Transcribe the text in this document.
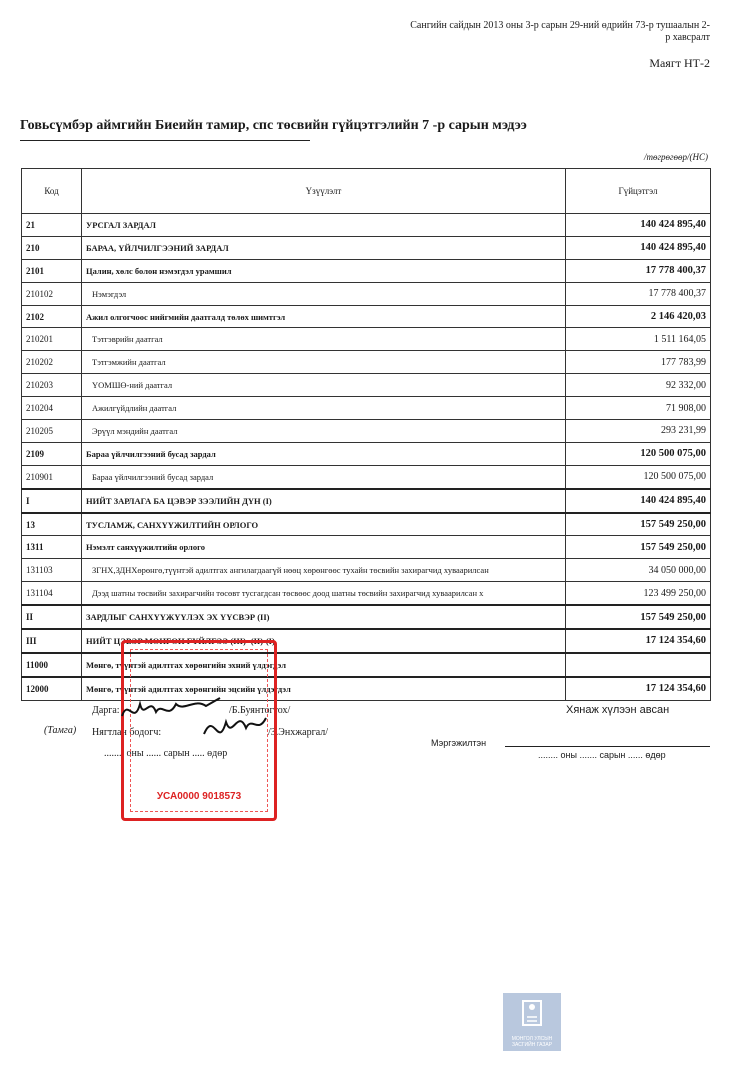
Сангийн сайдын 2013 оны 3-р сарын 29-ний өдрийн 73-р тушаалын 2-р хавсралт
Маягт НТ-2
Говьсүмбэр аймгийн Биеийн тамир, спс төсвийн гүйцэтгэлийн 7 -р сарын мэдээ
/төгрөгөөр/(НС)
Код	Үзүүлэлт	Гүйцэтгэл
21	УРСГАЛ ЗАРДАЛ	140 424 895,40
210	БАРАА, ҮЙЛЧИЛГЭЭНИЙ ЗАРДАЛ	140 424 895,40
2101	Цалин, хөлс болон нэмэгдэл урамшил	17 778 400,37
210102	Нэмэгдэл	17 778 400,37
2102	Ажил олгогчоос нийгмийн даатгалд төлөх шимтгэл	2 146 420,03
210201	Тэтгэврийн даатгал	1 511 164,05
210202	Тэтгэмжийн даатгал	177 783,99
210203	ҮОМШӨ-ний даатгал	92 332,00
210204	Ажилгүйдлийн даатгал	71 908,00
210205	Эрүүл мэндийн даатгал	293 231,99
2109	Бараа үйлчилгээний бусад зардал	120 500 075,00
210901	Бараа үйлчилгээний бусад зардал	120 500 075,00
I	НИЙТ ЗАРЛАГА БА ЦЭВЭР ЗЭЭЛИЙН ДҮН (I)	140 424 895,40
13	ТУСЛАМЖ, САНХҮҮЖИЛТИЙН ОРЛОГО	157 549 250,00
1311	Нэмэлт санхүүжилтийн орлого	157 549 250,00
131103	ЗГНХ,ЗДНХөрөнгө,түүнтэй адилтгах ангилагдаагүй нөөц хөрөнгөөс тухайн төсвийн захирагчид хуваарилсан	34 050 000,00
131104	Дээд шатны төсвийн захирагчийн төсөвт тусгагдсан төсвөөс доод шатны төсвийн захирагчид хуваарилсан х	123 499 250,00
II	ЗАРДЛЫГ САНХҮҮЖҮҮЛЭХ ЭХ ҮҮСВЭР (II)	157 549 250,00
III	НИЙТ ЦЭВЭР МӨНГӨН ГҮЙЛГЭЭ (III)=(II)-(I)	17 124 354,60
11000	Мөнгө, түүнтэй адилтгах хөрөнгийн эхний үлдэгдэл	
12000	Мөнгө, түүнтэй адилтгах хөрөнгийн эцсийн үлдэгдэл	17 124 354,60
Дарга:	/Б.Буянтогтох/
(Тамга) Нягтлан бодогч:	/З.Энхжаргал/
........ оны ...... сарын ..... өдөр
Хянаж хүлээн авсан
Мэргэжилтэн
........ оны ....... сарын ...... өдөр
УСА0000 9018573
МОНГОЛ УЛСЫН ЗАСГИЙН ГАЗАР
